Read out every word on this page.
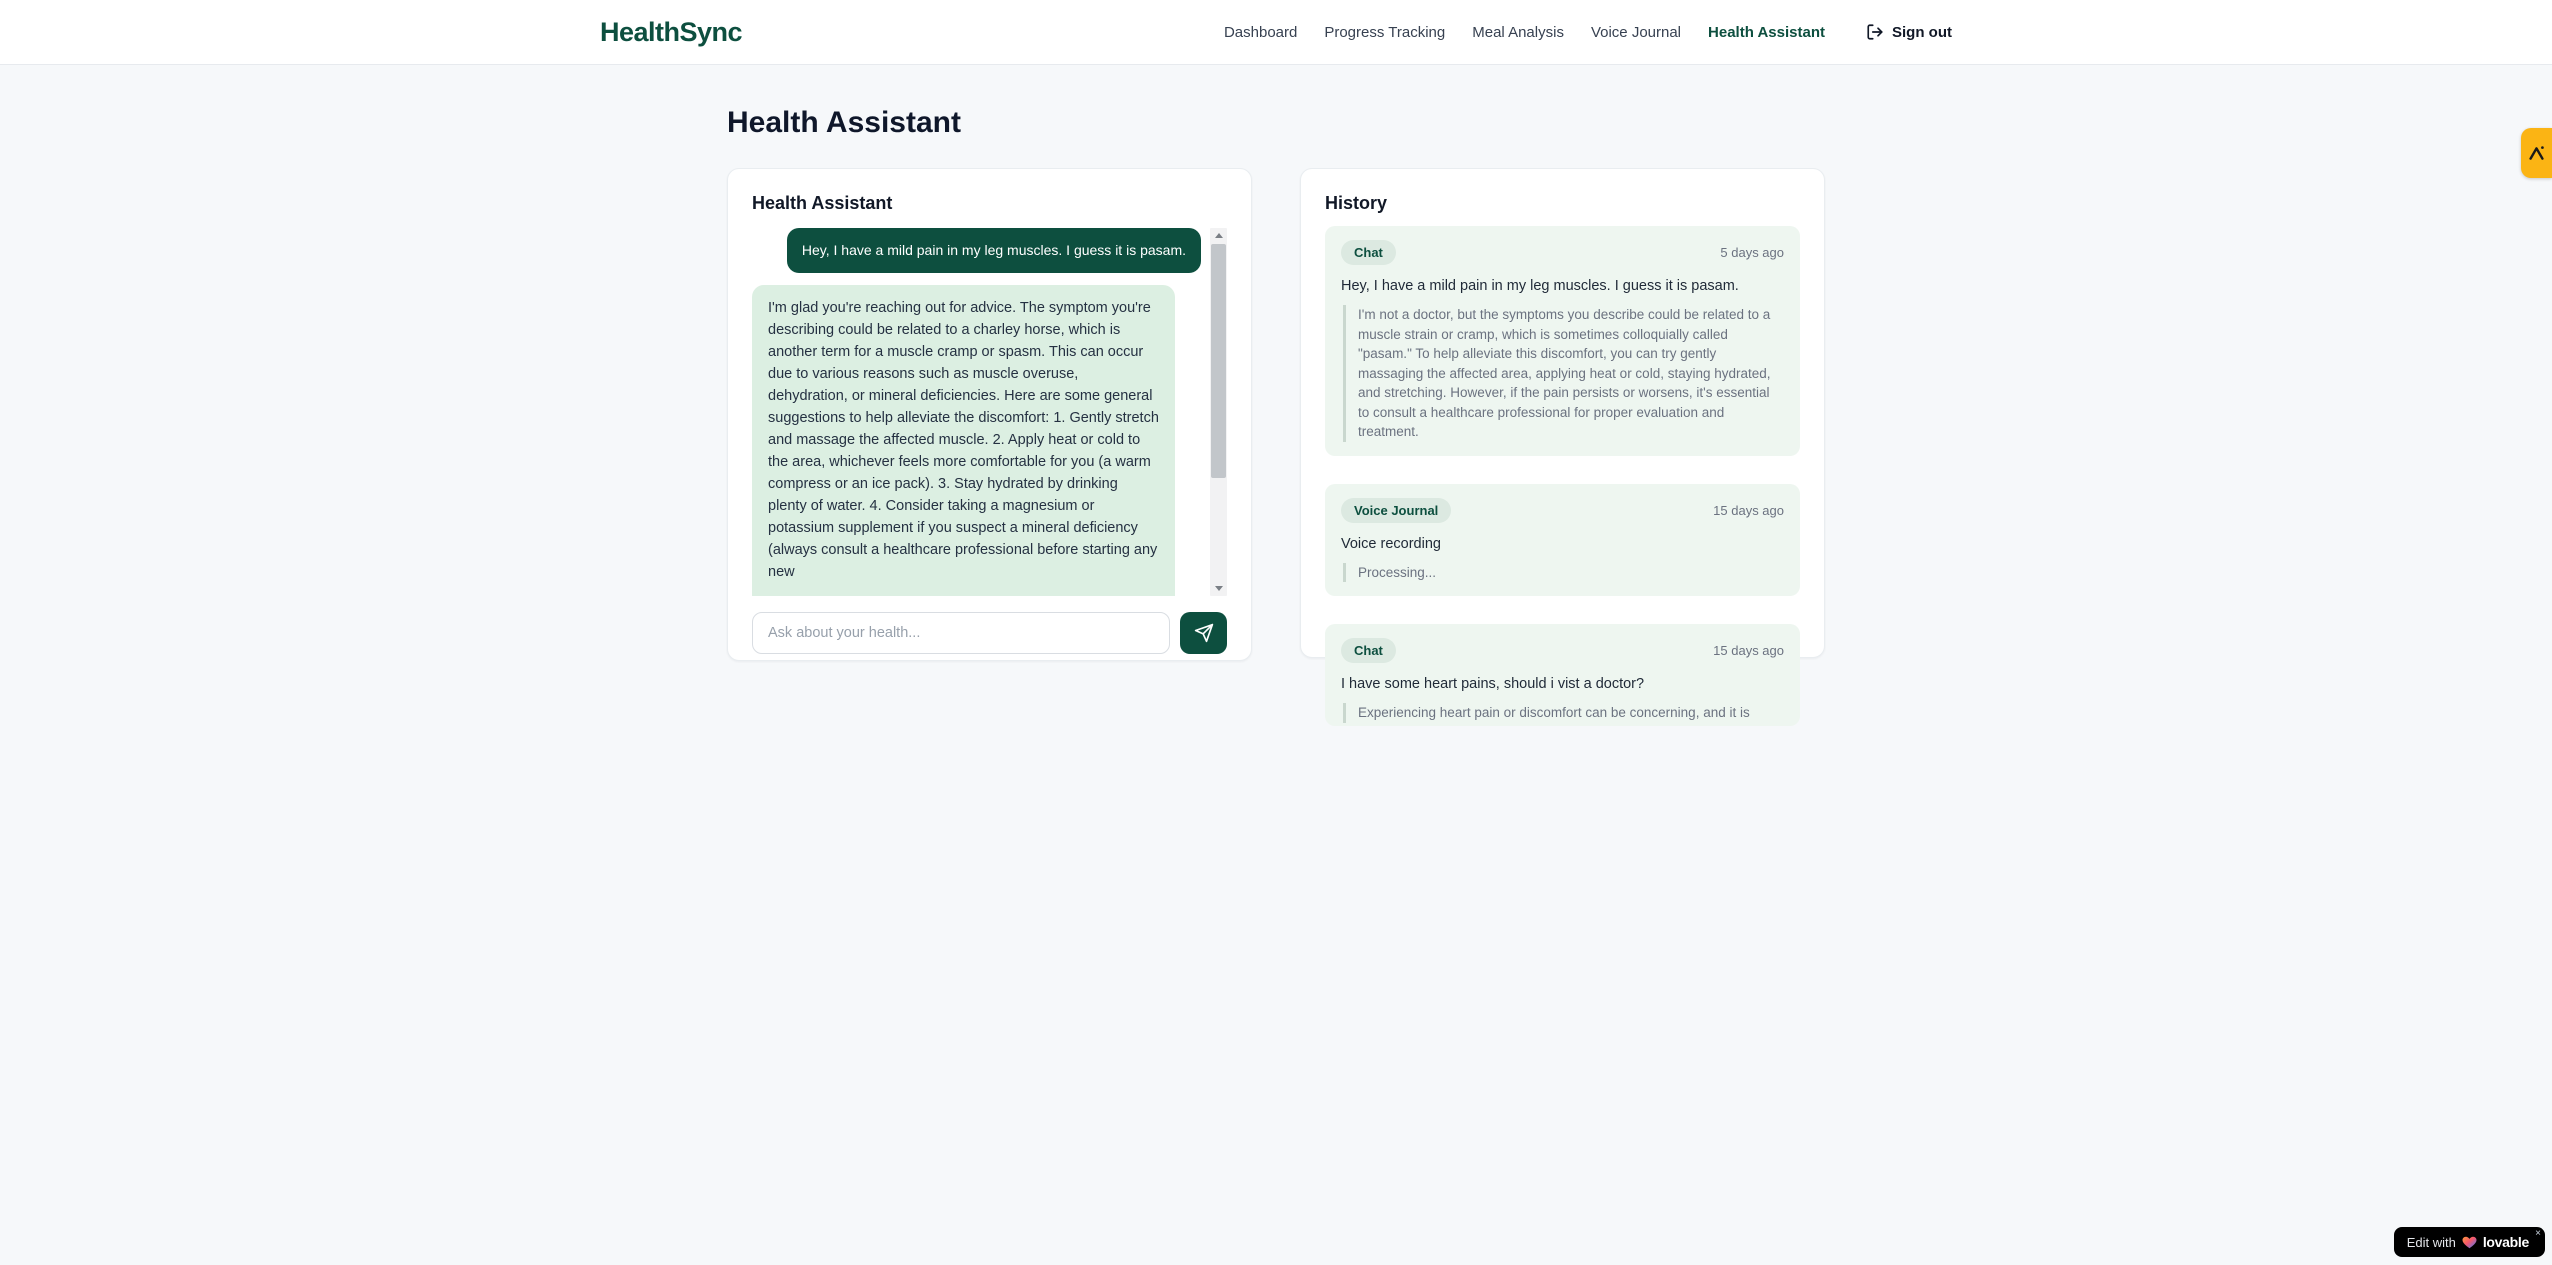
HealthSync	Dashboard Progress Tracking Meal Analysis Voice Journal Health Assistant	Sign out
Health Assistant
Health Assistant
Hey, I have a mild pain in my leg muscles. I guess it is pasam.
I'm glad you're reaching out for advice. The symptom you're describing could be related to a charley horse, which is another term for a muscle cramp or spasm. This can occur due to various reasons such as muscle overuse, dehydration, or mineral deficiencies. Here are some general suggestions to help alleviate the discomfort: 1. Gently stretch and massage the affected muscle. 2. Apply heat or cold to the area, whichever feels more comfortable for you (a warm compress or an ice pack). 3. Stay hydrated by drinking plenty of water. 4. Consider taking a magnesium or potassium supplement if you suspect a mineral deficiency (always consult a healthcare professional before starting any new
Ask about your health...
History
Chat	5 days ago
Hey, I have a mild pain in my leg muscles. I guess it is pasam.
I'm not a doctor, but the symptoms you describe could be related to a muscle strain or cramp, which is sometimes colloquially called "pasam." To help alleviate this discomfort, you can try gently massaging the affected area, applying heat or cold, staying hydrated, and stretching. However, if the pain persists or worsens, it's essential to consult a healthcare professional for proper evaluation and treatment.
Voice Journal	15 days ago
Voice recording
Processing...
Chat	15 days ago
I have some heart pains, should i vist a doctor?
Experiencing heart pain or discomfort can be concerning, and it is
Edit with lovable
×
